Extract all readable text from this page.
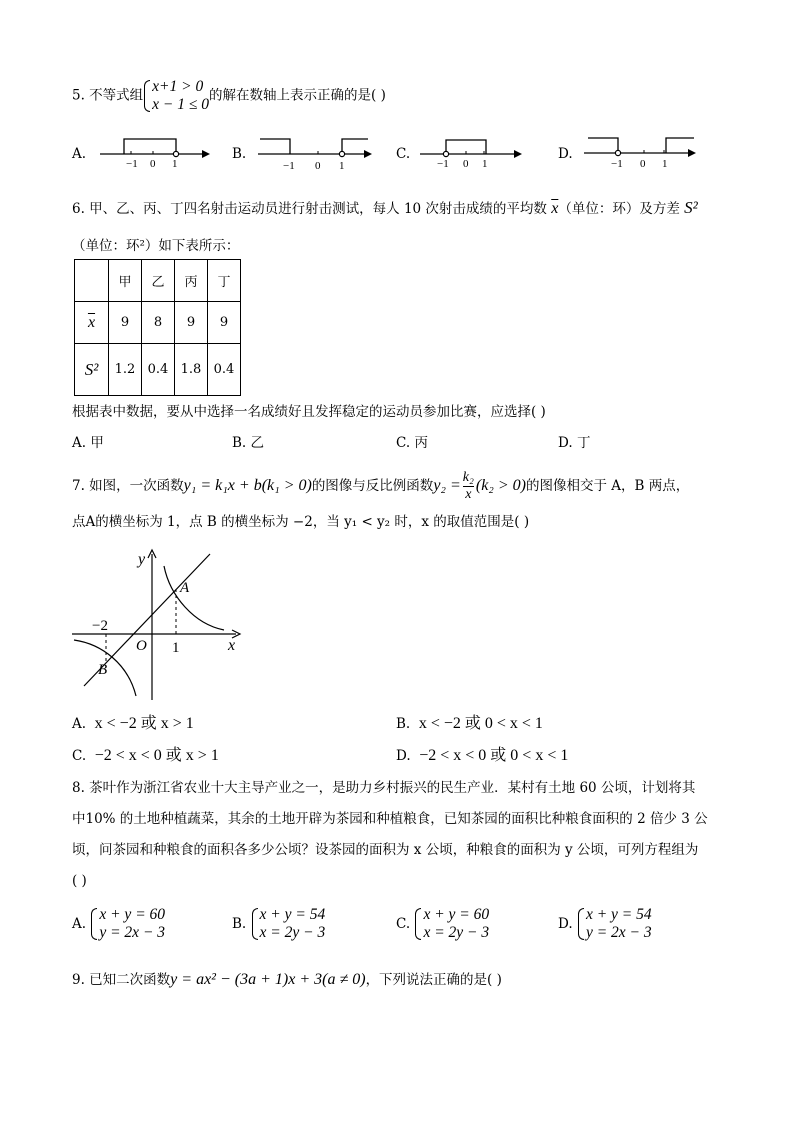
5. 不等式组
x+1 > 0
x − 1 ≤ 0
的解在数轴上表示正确的是( )
A.
−1 0 1
B.
−1 0 1
C.
−1 0 1
D.
−1 0 1
6. 甲、乙、丙、丁四名射击运动员进行射击测试，每人 10 次射击成绩的平均数 $\overline{x}$（单位：环）及方差 S²
（单位：环²）如下表所示：
	甲	乙	丙	丁
$\overline{x}$	9	8	9	9
S²	1.2	0.4	1.8	0.4
根据表中数据，要从中选择一名成绩好且发挥稳定的运动员参加比赛，应选择( )
A. 甲	B. 乙	C. 丙	D. 丁
7. 如图，一次函数y₁ = k₁x + b(k₁ > 0)的图像与反比例函数$y_2 = \frac{\text{k₂}}{x} (k_2 > 0)$的图像相交于 A，B 两点，
点A的横坐标为 1，点 B 的横坐标为 −2，当 y₁ < y₂ 时，x 的取值范围是( )
y
x
O
A
B
−2
1
A. x < −2 或 x > 1	B. x < −2 或 0 < x < 1
C. −2 < x < 0 或 x > 1	D. −2 < x < 0 或 0 < x < 1
8. 茶叶作为浙江省农业十大主导产业之一，是助力乡村振兴的民生产业．某村有土地 60 公顷，计划将其
中10% 的土地种植蔬菜，其余的土地开辟为茶园和种植粮食，已知茶园的面积比种粮食面积的 2 倍少 3 公
顷，问茶园和种粮食的面积各多少公顷？设茶园的面积为 x 公顷，种粮食的面积为 y 公顷，可列方程组为
( )
A.
x + y = 60
y = 2x − 3	B.
x + y = 54
x = 2y − 3	C.
x + y = 60
x = 2y − 3	D.
x + y = 54
y = 2x − 3
9. 已知二次函数y = ax² − (3a + 1)x + 3(a ≠ 0)，下列说法正确的是( )
